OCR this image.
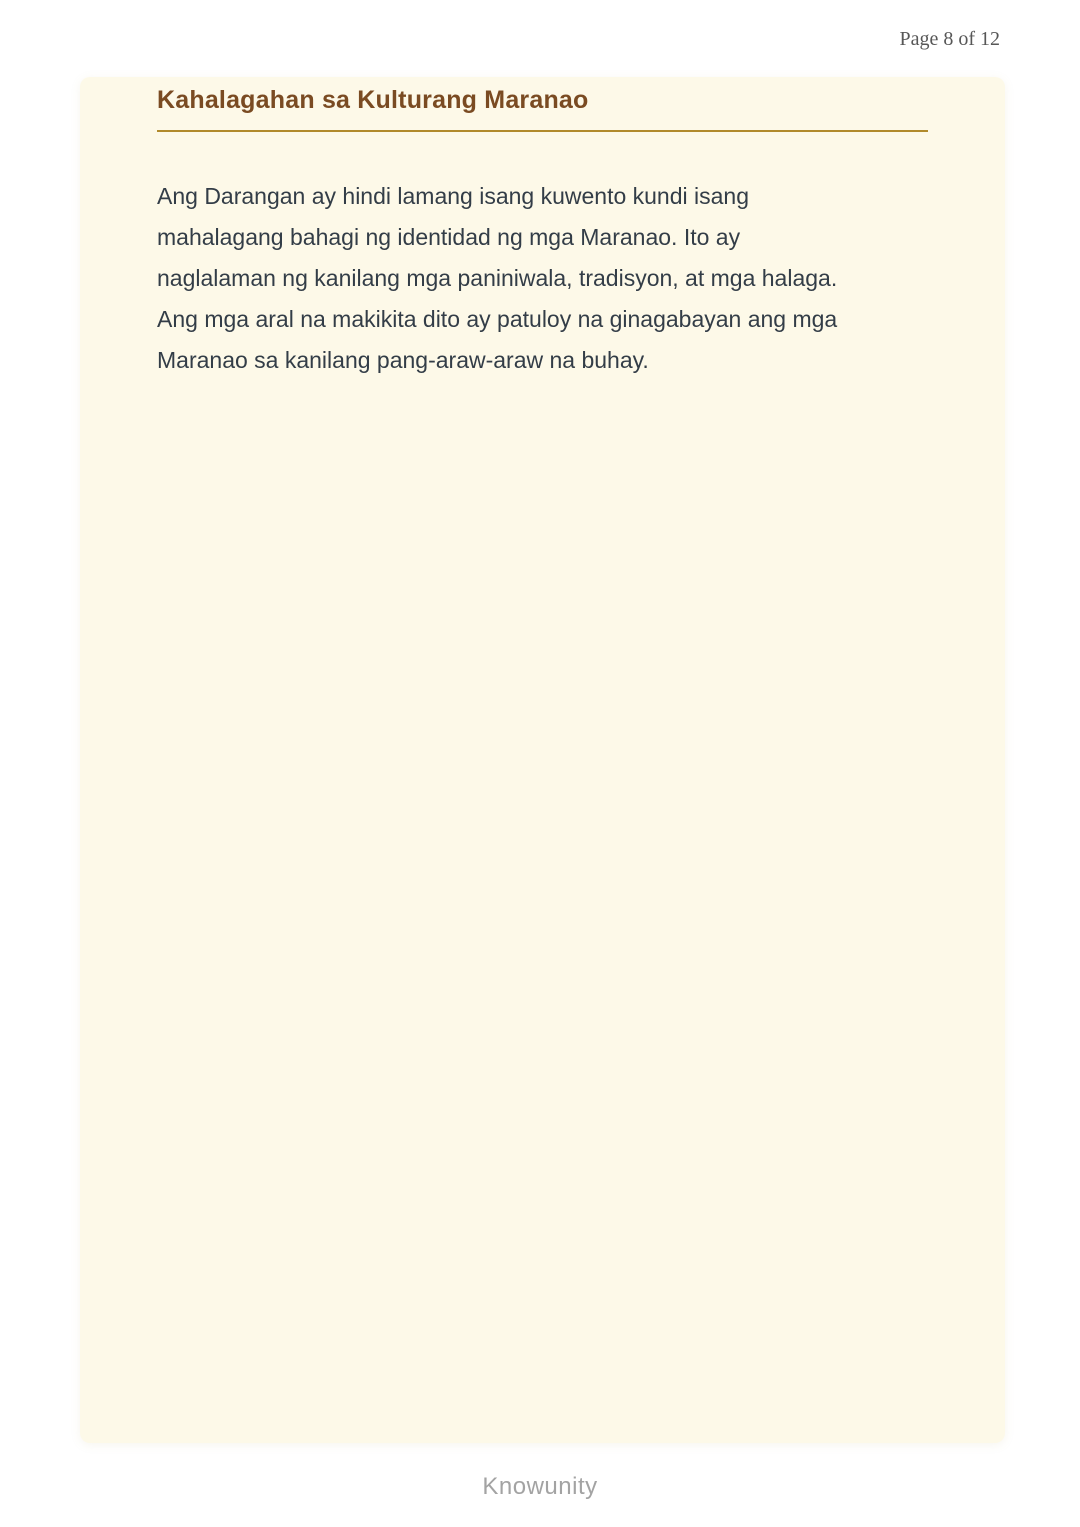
Page 8 of 12
Kahalagahan sa Kulturang Maranao
Ang Darangan ay hindi lamang isang kuwento kundi isang
mahalagang bahagi ng identidad ng mga Maranao. Ito ay
naglalaman ng kanilang mga paniniwala, tradisyon, at mga halaga.
Ang mga aral na makikita dito ay patuloy na ginagabayan ang mga
Maranao sa kanilang pang-araw-araw na buhay.
Knowunity
